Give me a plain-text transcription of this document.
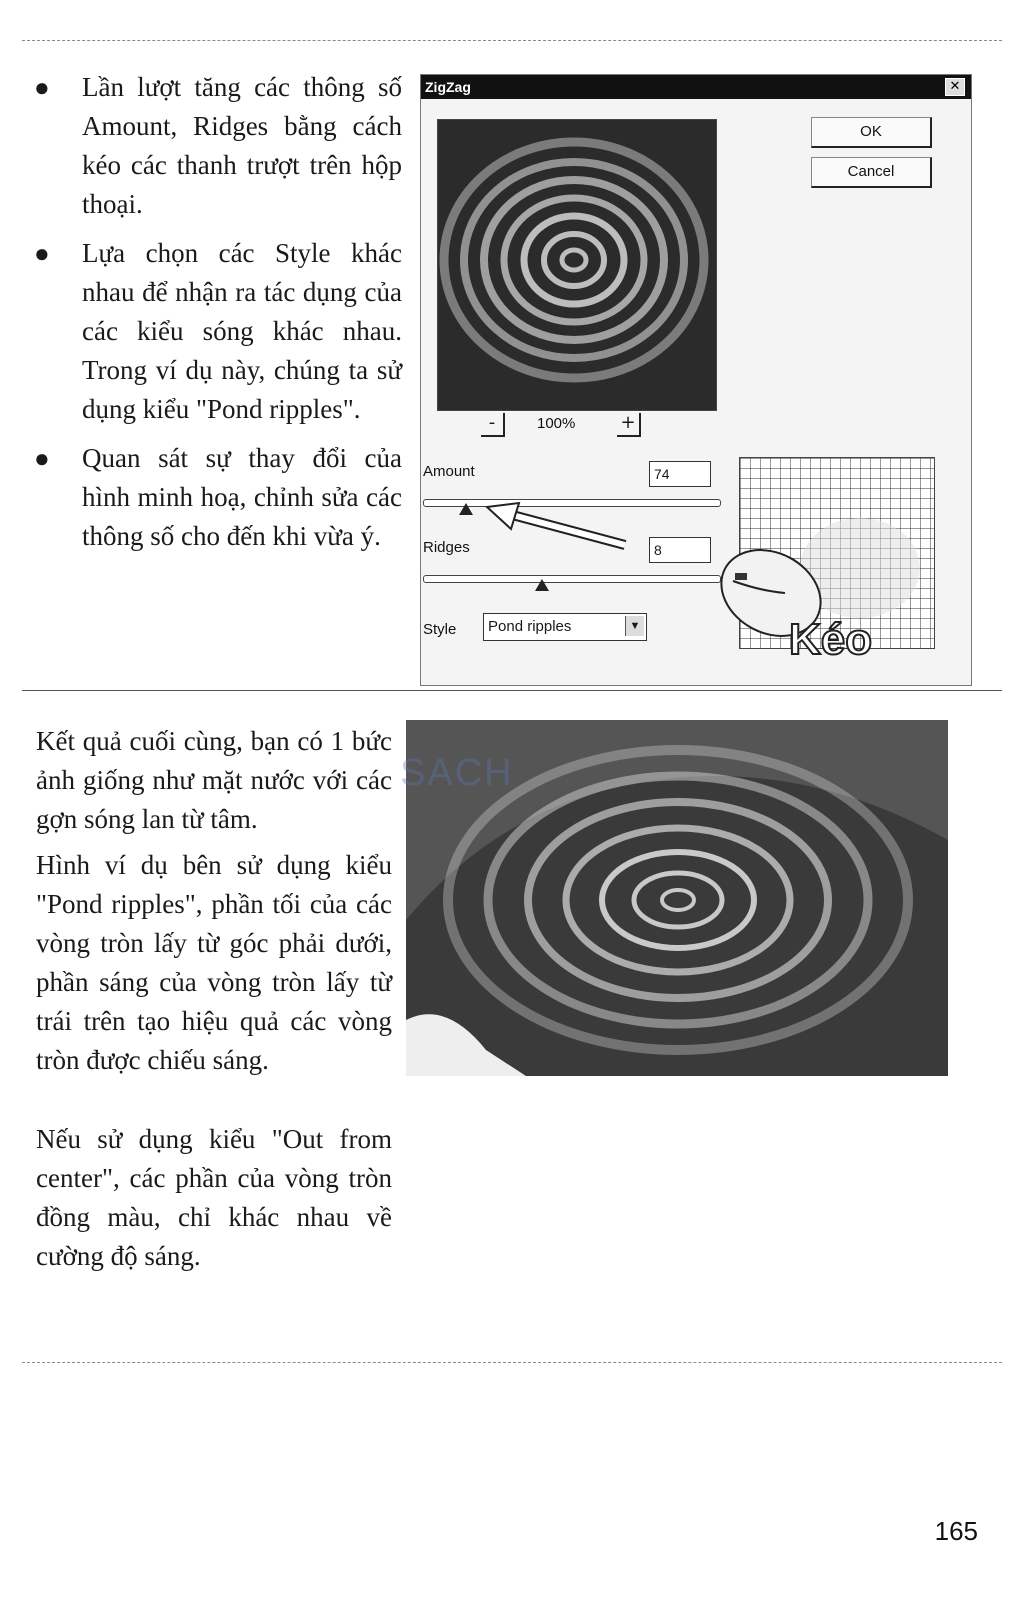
● Lần lượt tăng các thông số Amount, Ridges bằng cách kéo các thanh trượt trên hộp thoại.
● Lựa chọn các Style khác nhau để nhận ra tác dụng của các kiểu sóng khác nhau. Trong ví dụ này, chúng ta sử dụng kiểu "Pond ripples".
● Quan sát sự thay đổi của hình minh hoạ, chỉnh sửa các thông số cho đến khi vừa ý.
ZigZag	✕
OK
Cancel
-	100%	+
Amount	74
Ridges	8
Style	Pond ripples	▼	Kéo

Kết quả cuối cùng, bạn có 1 bức ảnh giống như mặt nước với các gợn sóng lan từ tâm.

Hình ví dụ bên sử dụng kiểu "Pond ripples", phần tối của các vòng tròn lấy từ góc phải dưới, phần sáng của vòng tròn lấy từ trái trên tạo hiệu quả các vòng tròn được chiếu sáng.

Nếu sử dụng kiểu "Out from center", các phần của vòng tròn đồng màu, chỉ khác nhau về cường độ sáng.

SACH
165
